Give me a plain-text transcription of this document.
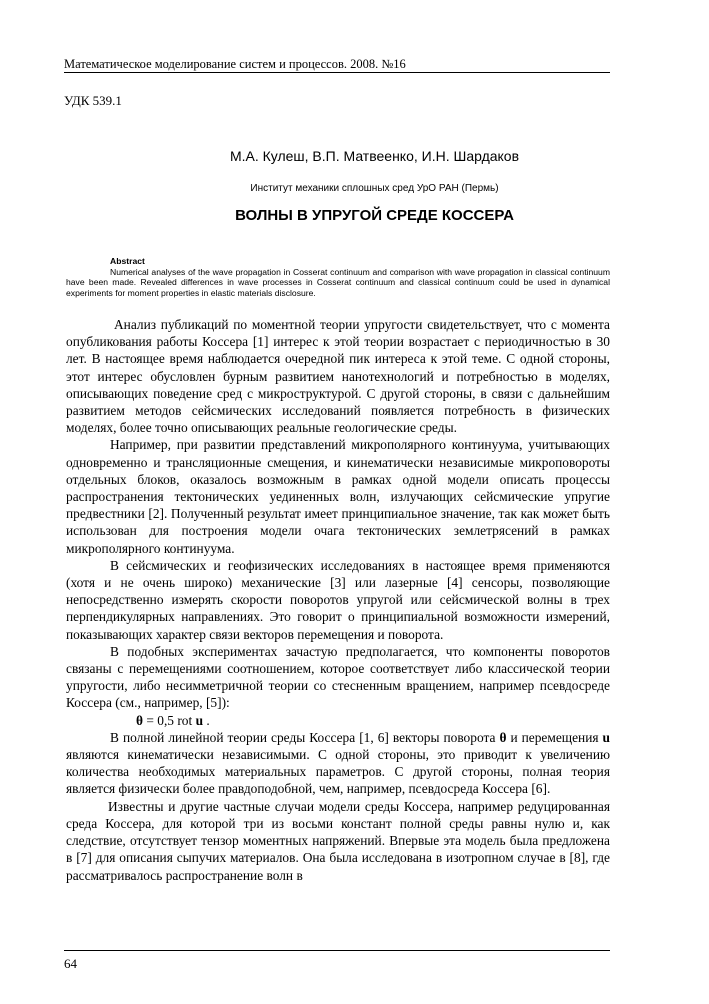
Математическое моделирование систем и процессов. 2008. №16
УДК 539.1
М.А. Кулеш, В.П. Матвеенко, И.Н. Шардаков
Институт механики сплошных сред УрО РАН (Пермь)
ВОЛНЫ В УПРУГОЙ СРЕДЕ КОССЕРА
Abstract

Numerical analyses of the wave propagation in Cosserat continuum and comparison with wave propagation in classical continuum have been made. Revealed differences in wave processes in Cosserat continuum and classical continuum could be used in dynamical experiments for moment properties in elastic materials disclosure.

Анализ публикаций по моментной теории упругости свидетельствует, что с момента опубликования работы Коссера [1] интерес к этой теории возрастает с периодичностью в 30 лет. В настоящее время наблюдается очередной пик интереса к этой теме. С одной стороны, этот интерес обусловлен бурным развитием нанотехнологий и потребностью в моделях, описывающих поведение сред с микроструктурой. С другой стороны, в связи с дальнейшим развитием методов сейсмических исследований появляется потребность в физических моделях, более точно описывающих реальные геологические среды.

Например, при развитии представлений микрополярного континуума, учитывающих одновременно и трансляционные смещения, и кинематически независимые микроповороты отдельных блоков, оказалось возможным в рамках одной модели описать процессы распространения тектонических уединенных волн, излучающих сейсмические упругие предвестники [2]. Полученный результат имеет принципиальное значение, так как может быть использован для построения модели очага тектонических землетрясений в рамках микрополярного континуума.

В сейсмических и геофизических исследованиях в настоящее время применяются (хотя и не очень широко) механические [3] или лазерные [4] сенсоры, позволяющие непосредственно измерять скорости поворотов упругой или сейсмической волны в трех перпендикулярных направлениях. Это говорит о принципиальной возможности измерений, показывающих характер связи векторов перемещения и поворота.

В подобных экспериментах зачастую предполагается, что компоненты поворотов связаны с перемещениями соотношением, которое соответствует либо классической теории упругости, либо несимметричной теории со стесненным вращением, например псевдосреде Коссера (см., например, [5]):

θ = 0,5 rot u .

В полной линейной теории среды Коссера [1, 6] векторы поворота θ и перемещения u являются кинематически независимыми. С одной стороны, это приводит к увеличению количества необходимых материальных параметров. С другой стороны, полная теория является физически более правдоподобной, чем, например, псевдосреда Коссера [6].

Известны и другие частные случаи модели среды Коссера, например редуцированная среда Коссера, для которой три из восьми констант полной среды равны нулю и, как следствие, отсутствует тензор моментных напряжений. Впервые эта модель была предложена в [7] для описания сыпучих материалов. Она была исследована в изотропном случае в [8], где рассматривалось распространение волн в

64
